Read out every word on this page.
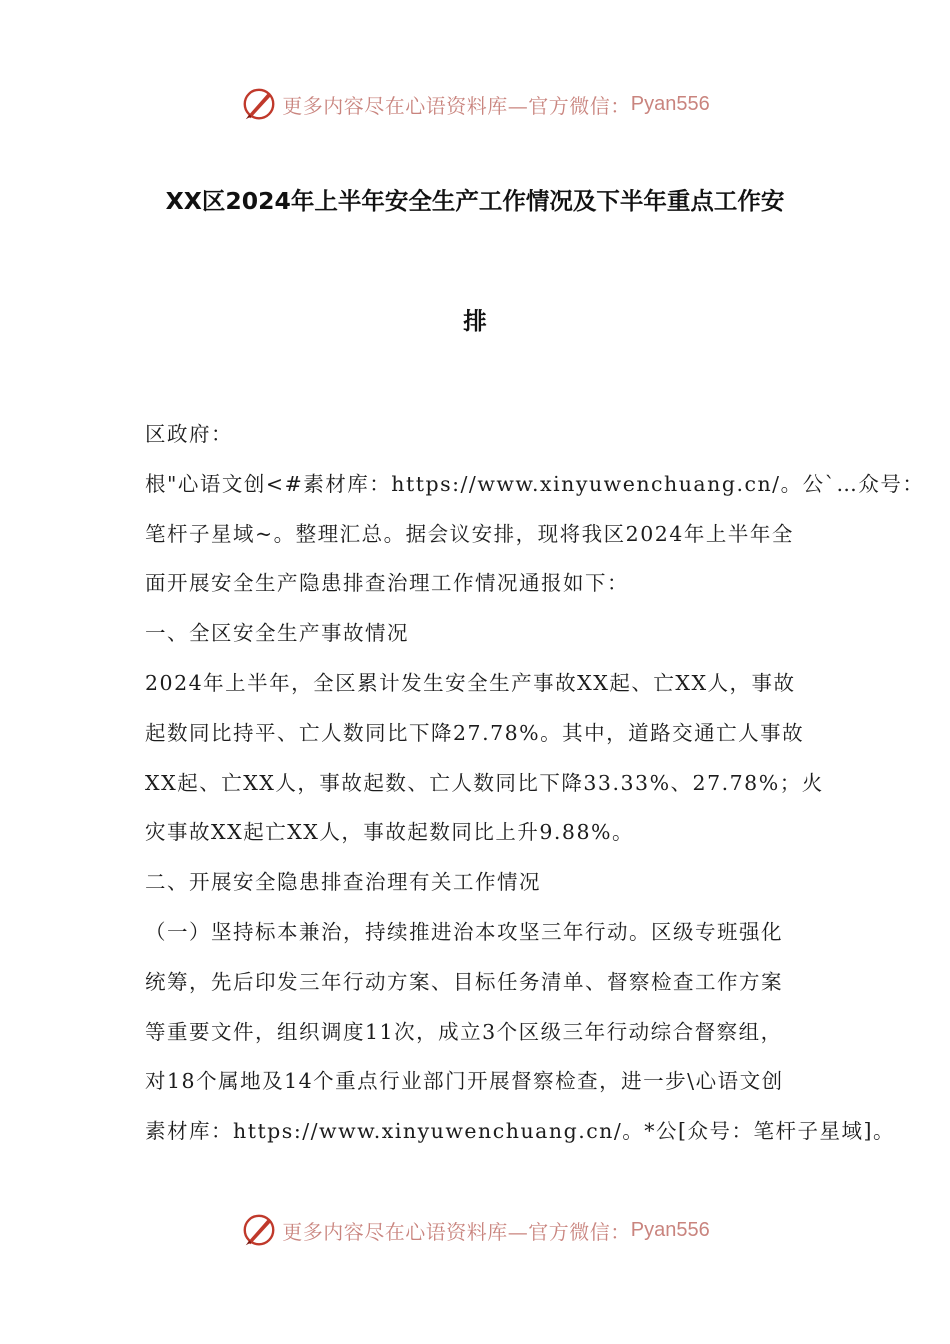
更多内容尽在心语资料库—官方微信： Pyan556
XX区2024年上半年安全生产工作情况及下半年重点工作安
排
区政府：
根"心语文创<#素材库：https://www.xinyuwenchuang.cn/。公`…众号：
笔杆子星域~。整理汇总。据会议安排，现将我区2024年上半年全
面开展安全生产隐患排查治理工作情况通报如下：
一、全区安全生产事故情况
2024年上半年，全区累计发生安全生产事故XX起、亡XX人，事故
起数同比持平、亡人数同比下降27.78%。其中，道路交通亡人事故
XX起、亡XX人，事故起数、亡人数同比下降33.33%、27.78%；火
灾事故XX起亡XX人，事故起数同比上升9.88%。
二、开展安全隐患排查治理有关工作情况
（一）坚持标本兼治，持续推进治本攻坚三年行动。区级专班强化
统筹，先后印发三年行动方案、目标任务清单、督察检查工作方案
等重要文件，组织调度11次，成立3个区级三年行动综合督察组，
对18个属地及14个重点行业部门开展督察检查，进一步\心语文创
素材库：https://www.xinyuwenchuang.cn/。*公[众号：笔杆子星域]。
更多内容尽在心语资料库—官方微信： Pyan556
